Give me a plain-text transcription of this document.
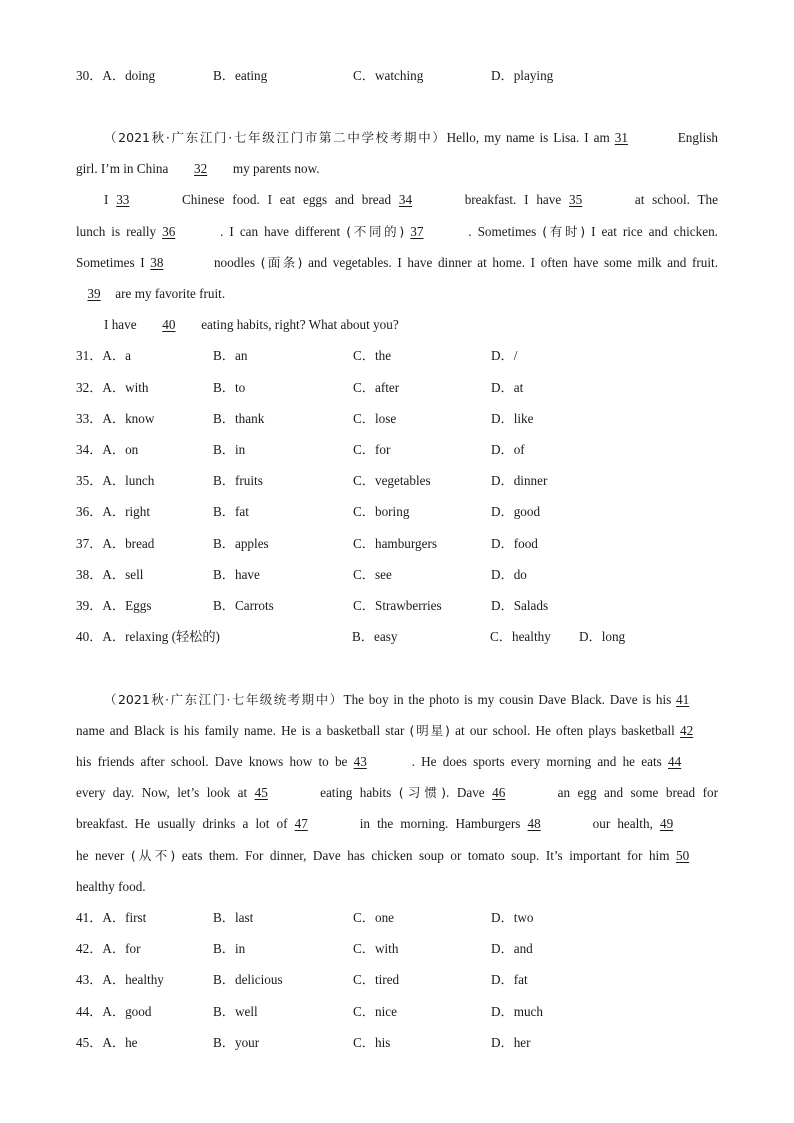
30．A．doing	B．eating	C．watching	D．playing
（2021秋·广东江门·七年级江门市第二中学校考期中）Hello, my name is Lisa. I am 31	English
girl. I’m in China 32 my parents now.
I 33	Chinese food. I eat eggs and bread 34	breakfast. I have 35	at school. The
lunch is really 36	. I can have different (不同的) 37	. Sometimes (有时) I eat rice and chicken.
Sometimes I 38	noodles (面条) and vegetables. I have dinner at home. I often have some milk and fruit.
39 are my favorite fruit.
I have 40 eating habits, right? What about you?
31．A．a	B．an	C．the	D．/
32．A．with	B．to	C．after	D．at
33．A．know	B．thank	C．lose	D．like
34．A．on	B．in	C．for	D．of
35．A．lunch	B．fruits	C．vegetables	D．dinner
36．A．right	B．fat	C．boring	D．good
37．A．bread	B．apples	C．hamburgers	D．food
38．A．sell	B．have	C．see	D．do
39．A．Eggs	B．Carrots	C．Strawberries	D．Salads
40．A．relaxing (轻松的)	B．easy	C．healthy D．long
（2021秋·广东江门·七年级统考期中）The boy in the photo is my cousin Dave Black. Dave is his 41
name and Black is his family name. He is a basketball star (明星) at our school. He often plays basketball 42
his friends after school. Dave knows how to be 43	. He does sports every morning and he eats 44
every day. Now, let’s look at 45	eating habits (习惯). Dave 46	an egg and some bread for
breakfast. He usually drinks a lot of 47	in the morning. Hamburgers 48	our health, 49
he never (从不) eats them. For dinner, Dave has chicken soup or tomato soup. It’s important for him 50
healthy food.
41．A．first	B．last	C．one	D．two
42．A．for	B．in	C．with	D．and
43．A．healthy	B．delicious	C．tired	D．fat
44．A．good	B．well	C．nice	D．much
45．A．he	B．your	C．his	D．her
